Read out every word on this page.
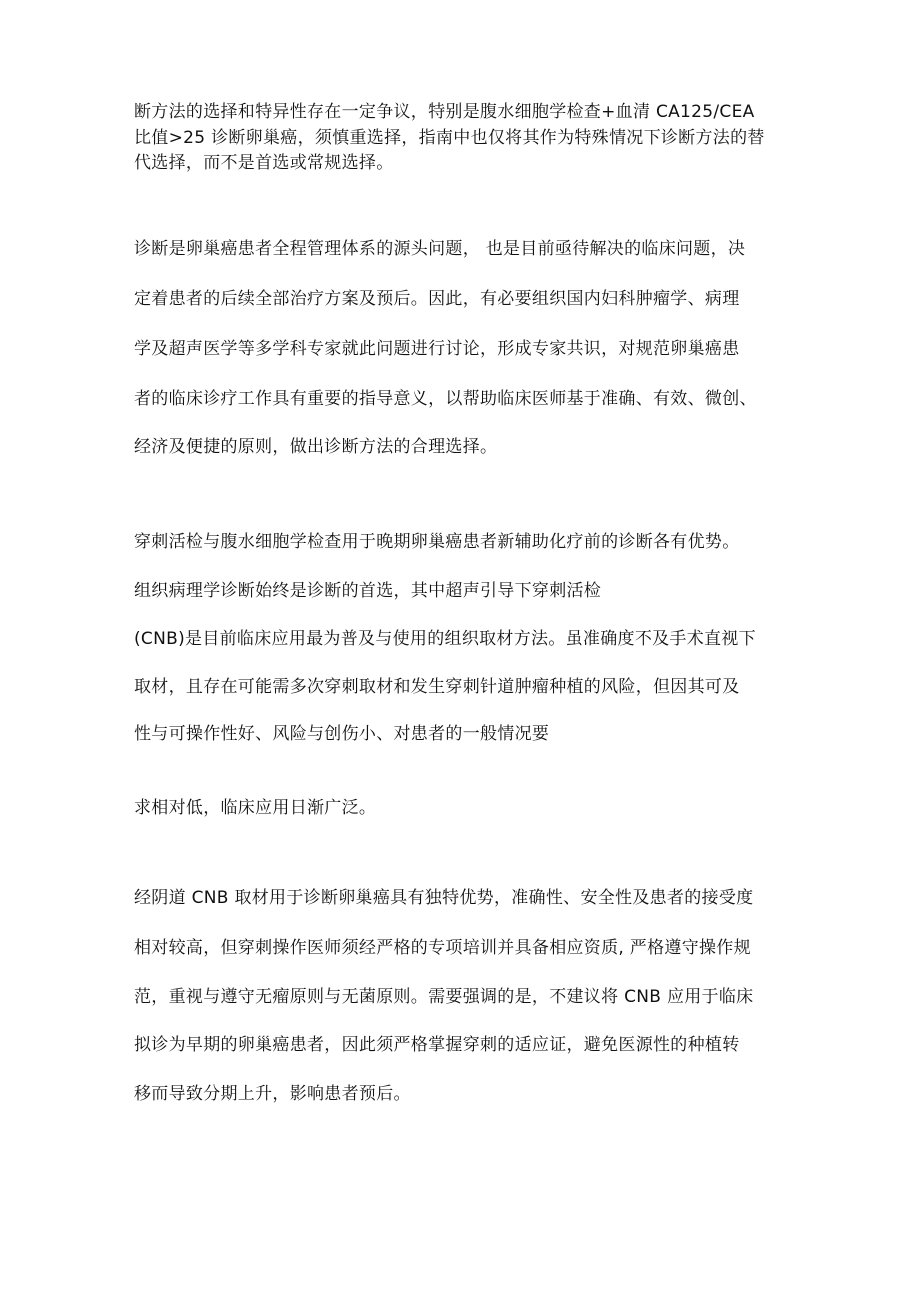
断方法的选择和特异性存在一定争议，特别是腹水细胞学检查+血清 CA125/CEA
比值>25 诊断卵巢癌，须慎重选择，指南中也仅将其作为特殊情况下诊断方法的替
代选择，而不是首选或常规选择。
诊断是卵巢癌患者全程管理体系的源头问题， 也是目前亟待解决的临床问题，决
定着患者的后续全部治疗方案及预后。因此，有必要组织国内妇科肿瘤学、病理
学及超声医学等多学科专家就此问题进行讨论，形成专家共识，对规范卵巢癌患
者的临床诊疗工作具有重要的指导意义，以帮助临床医师基于准确、有效、微创、
经济及便捷的原则，做出诊断方法的合理选择。
穿刺活检与腹水细胞学检查用于晚期卵巢癌患者新辅助化疗前的诊断各有优势。
组织病理学诊断始终是诊断的首选，其中超声引导下穿刺活检
(CNB)是目前临床应用最为普及与使用的组织取材方法。虽准确度不及手术直视下
取材，且存在可能需多次穿刺取材和发生穿刺针道肿瘤种植的风险，但因其可及
性与可操作性好、风险与创伤小、对患者的一般情况要
求相对低，临床应用日渐广泛。
经阴道 CNB 取材用于诊断卵巢癌具有独特优势，准确性、安全性及患者的接受度
相对较高，但穿刺操作医师须经严格的专项培训并具备相应资质, 严格遵守操作规
范，重视与遵守无瘤原则与无菌原则。需要强调的是，不建议将 CNB 应用于临床
拟诊为早期的卵巢癌患者，因此须严格掌握穿刺的适应证，避免医源性的种植转
移而导致分期上升，影响患者预后。
